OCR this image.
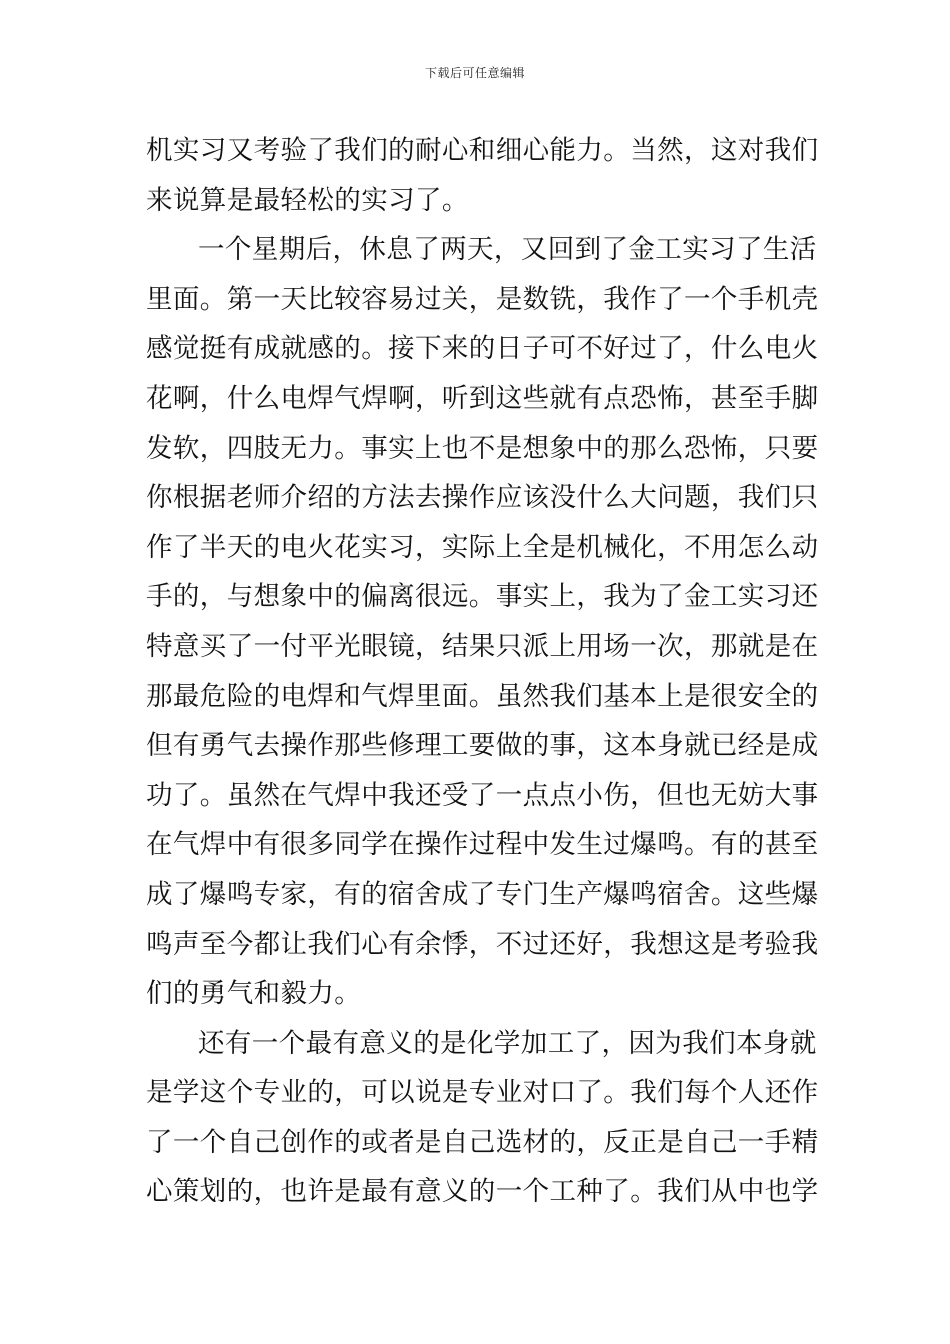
下载后可任意编辑
机实习又考验了我们的耐心和细心能力。当然，这对我们
来说算是最轻松的实习了。
一个星期后，休息了两天，又回到了金工实习了生活
里面。第一天比较容易过关，是数铣，我作了一个手机壳
感觉挺有成就感的。接下来的日子可不好过了，什么电火
花啊，什么电焊气焊啊，听到这些就有点恐怖，甚至手脚
发软，四肢无力。事实上也不是想象中的那么恐怖，只要
你根据老师介绍的方法去操作应该没什么大问题，我们只
作了半天的电火花实习，实际上全是机械化，不用怎么动
手的，与想象中的偏离很远。事实上，我为了金工实习还
特意买了一付平光眼镜，结果只派上用场一次，那就是在
那最危险的电焊和气焊里面。虽然我们基本上是很安全的
但有勇气去操作那些修理工要做的事，这本身就已经是成
功了。虽然在气焊中我还受了一点点小伤，但也无妨大事
在气焊中有很多同学在操作过程中发生过爆鸣。有的甚至
成了爆鸣专家，有的宿舍成了专门生产爆鸣宿舍。这些爆
鸣声至今都让我们心有余悸，不过还好，我想这是考验我
们的勇气和毅力。
还有一个最有意义的是化学加工了，因为我们本身就
是学这个专业的，可以说是专业对口了。我们每个人还作
了一个自己创作的或者是自己选材的，反正是自己一手精
心策划的，也许是最有意义的一个工种了。我们从中也学
